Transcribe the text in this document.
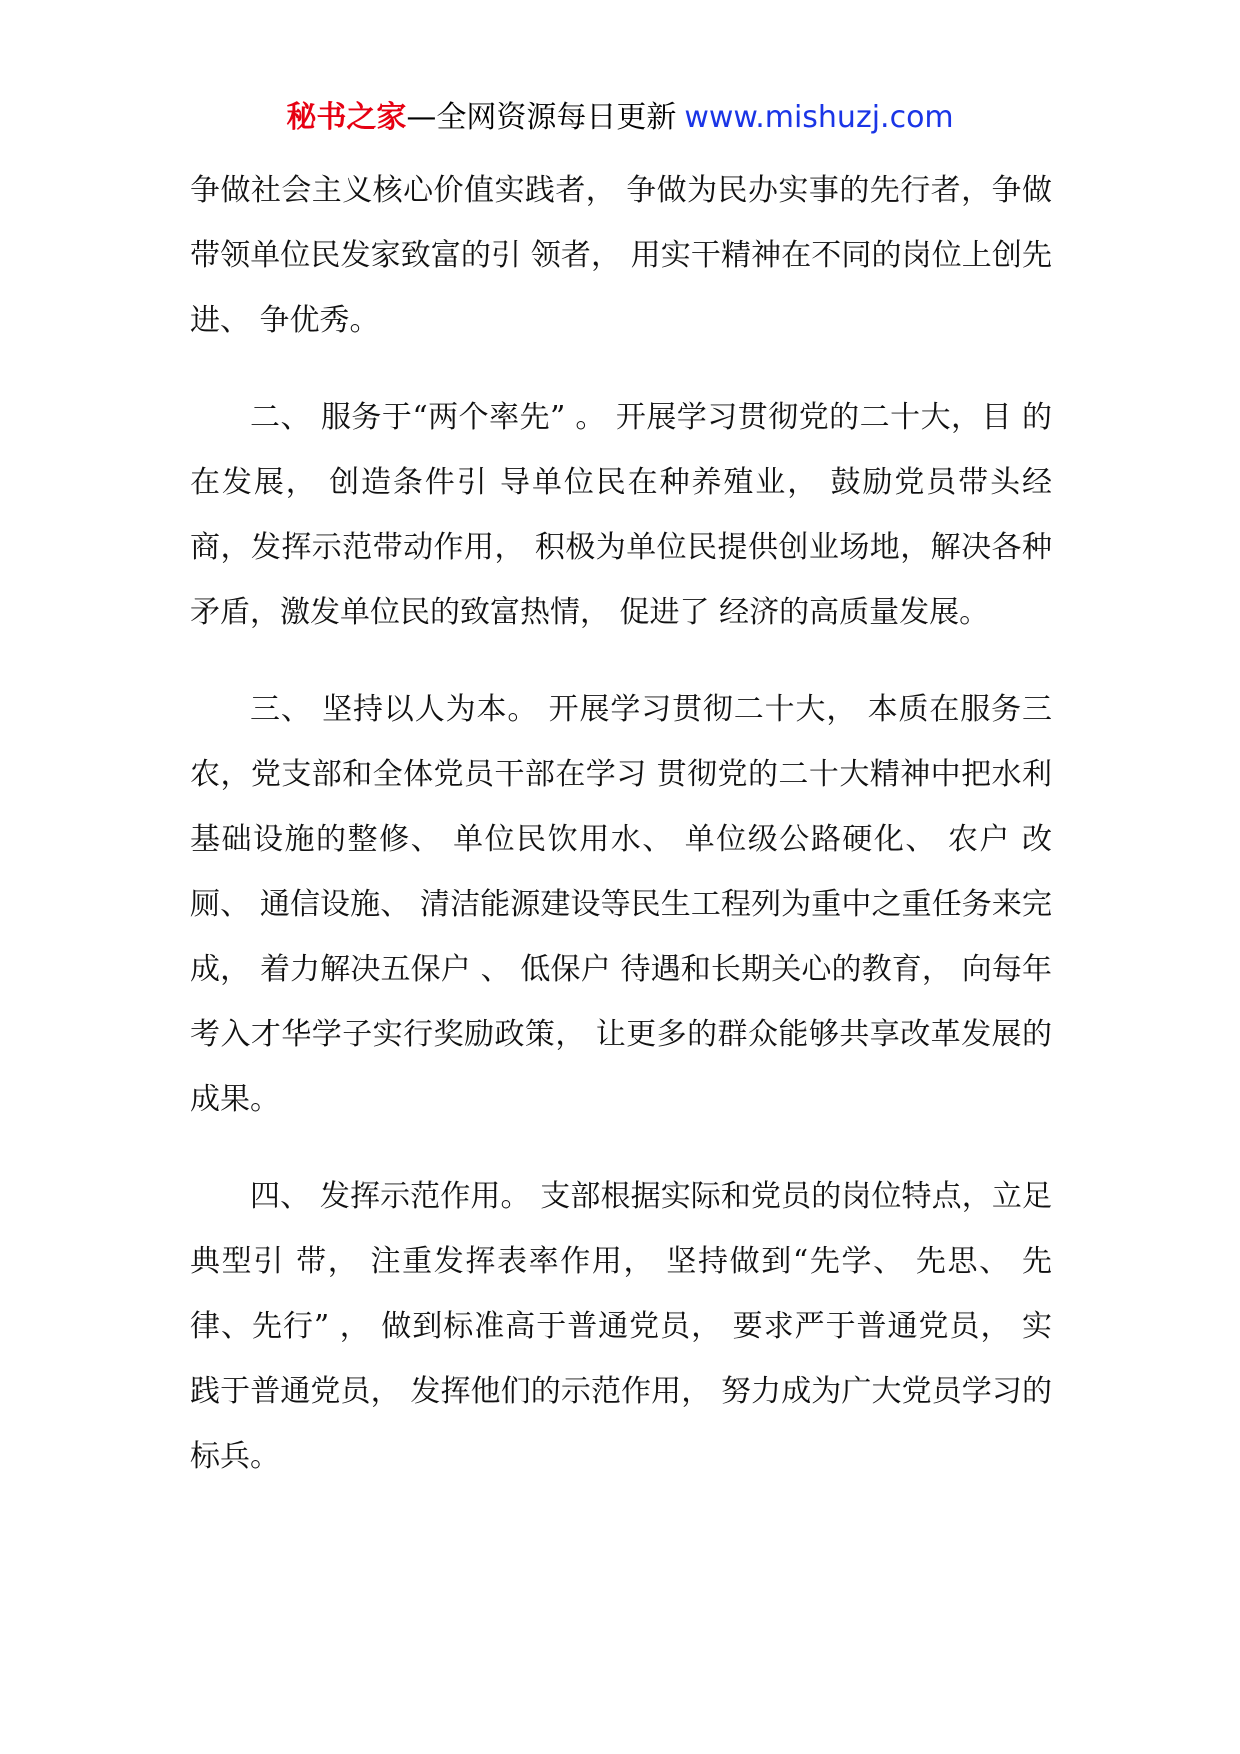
秘书之家—全网资源每日更新 www.mishuzj.com

争做社会主义核心价值实践者， 争做为民办实事的先行者，争做带领单位民发家致富的引 领者， 用实干精神在不同的岗位上创先进、 争优秀。

二、 服务于“两个率先” 。 开展学习贯彻党的二十大，目 的在发展， 创造条件引 导单位民在种养殖业， 鼓励党员带头经商，发挥示范带动作用， 积极为单位民提供创业场地，解决各种矛盾，激发单位民的致富热情， 促进了 经济的高质量发展。

三、 坚持以人为本。 开展学习贯彻二十大， 本质在服务三农，党支部和全体党员干部在学习 贯彻党的二十大精神中把水利基础设施的整修、 单位民饮用水、 单位级公路硬化、 农户 改厕、 通信设施、 清洁能源建设等民生工程列为重中之重任务来完成， 着力解决五保户 、 低保户 待遇和长期关心的教育， 向每年考入才华学子实行奖励政策， 让更多的群众能够共享改革发展的成果。

四、 发挥示范作用。 支部根据实际和党员的岗位特点，立足典型引 带， 注重发挥表率作用， 坚持做到“先学、 先思、 先律、先行” ， 做到标准高于普通党员， 要求严于普通党员， 实践于普通党员， 发挥他们的示范作用， 努力成为广大党员学习的标兵。
